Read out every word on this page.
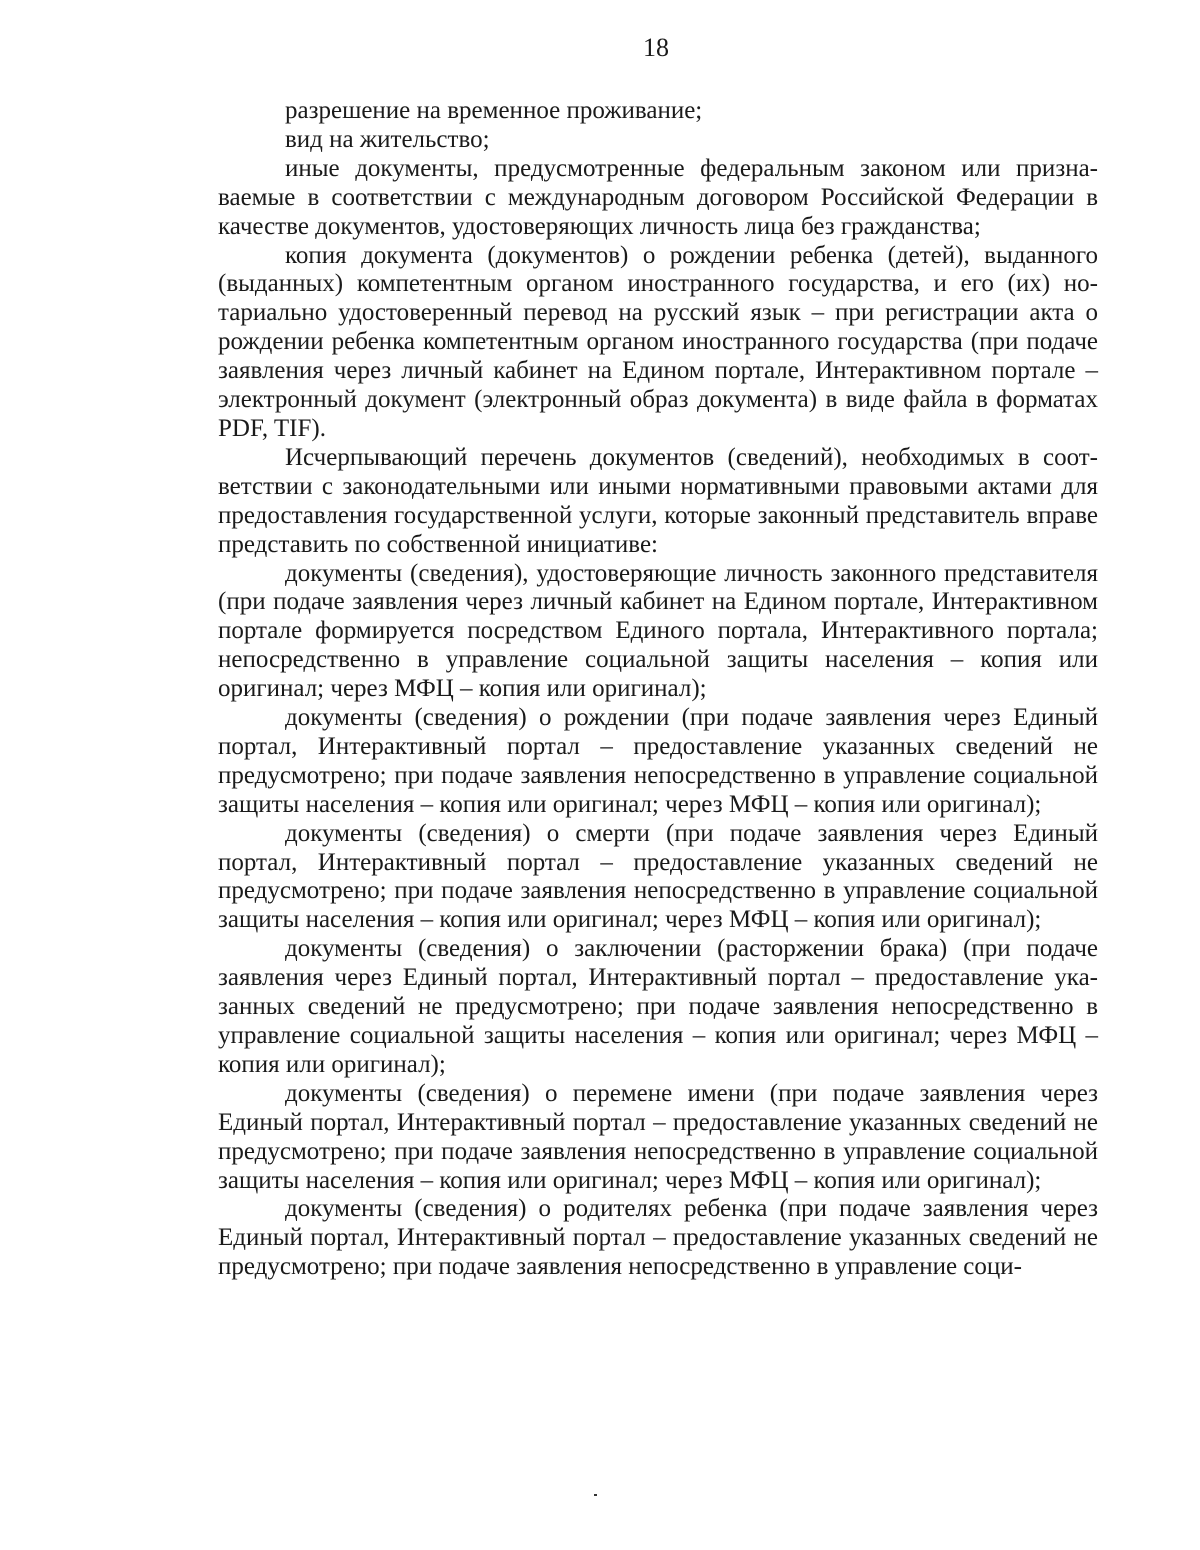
18

разрешение на временное проживание;

вид на жительство;

иные документы, предусмотренные федеральным законом или признаваемые в соответствии с международным договором Российской Федерации в качестве документов, удостоверяющих личность лица без гражданства;

копия документа (документов) о рождении ребенка (детей), выданного (выданных) компетентным органом иностранного государства, и его (их) нотариально удостоверенный перевод на русский язык – при регистрации акта о рождении ребенка компетентным органом иностранного государства (при подаче заявления через личный кабинет на Едином портале, Интерактивном портале – электронный документ (электронный образ документа) в виде файла в форматах PDF, TIF).

Исчерпывающий перечень документов (сведений), необходимых в соответствии с законодательными или иными нормативными правовыми актами для предоставления государственной услуги, которые законный представитель вправе представить по собственной инициативе:

документы (сведения), удостоверяющие личность законного представителя (при подаче заявления через личный кабинет на Едином портале, Интерактивном портале формируется посредством Единого портала, Интерактивного портала; непосредственно в управление социальной защиты населения – копия или оригинал; через МФЦ – копия или оригинал);

документы (сведения) о рождении (при подаче заявления через Единый портал, Интерактивный портал – предоставление указанных сведений не предусмотрено; при подаче заявления непосредственно в управление социальной защиты населения – копия или оригинал; через МФЦ – копия или оригинал);

документы (сведения) о смерти (при подаче заявления через Единый портал, Интерактивный портал – предоставление указанных сведений не предусмотрено; при подаче заявления непосредственно в управление социальной защиты населения – копия или оригинал; через МФЦ – копия или оригинал);

документы (сведения) о заключении (расторжении брака) (при подаче заявления через Единый портал, Интерактивный портал – предоставление указанных сведений не предусмотрено; при подаче заявления непосредственно в управление социальной защиты населения – копия или оригинал; через МФЦ – копия или оригинал);

документы (сведения) о перемене имени (при подаче заявления через Единый портал, Интерактивный портал – предоставление указанных сведений не предусмотрено; при подаче заявления непосредственно в управление социальной защиты населения – копия или оригинал; через МФЦ – копия или оригинал);

документы (сведения) о родителях ребенка (при подаче заявления через Единый портал, Интерактивный портал – предоставление указанных сведений не предусмотрено; при подаче заявления непосредственно в управление соци-
